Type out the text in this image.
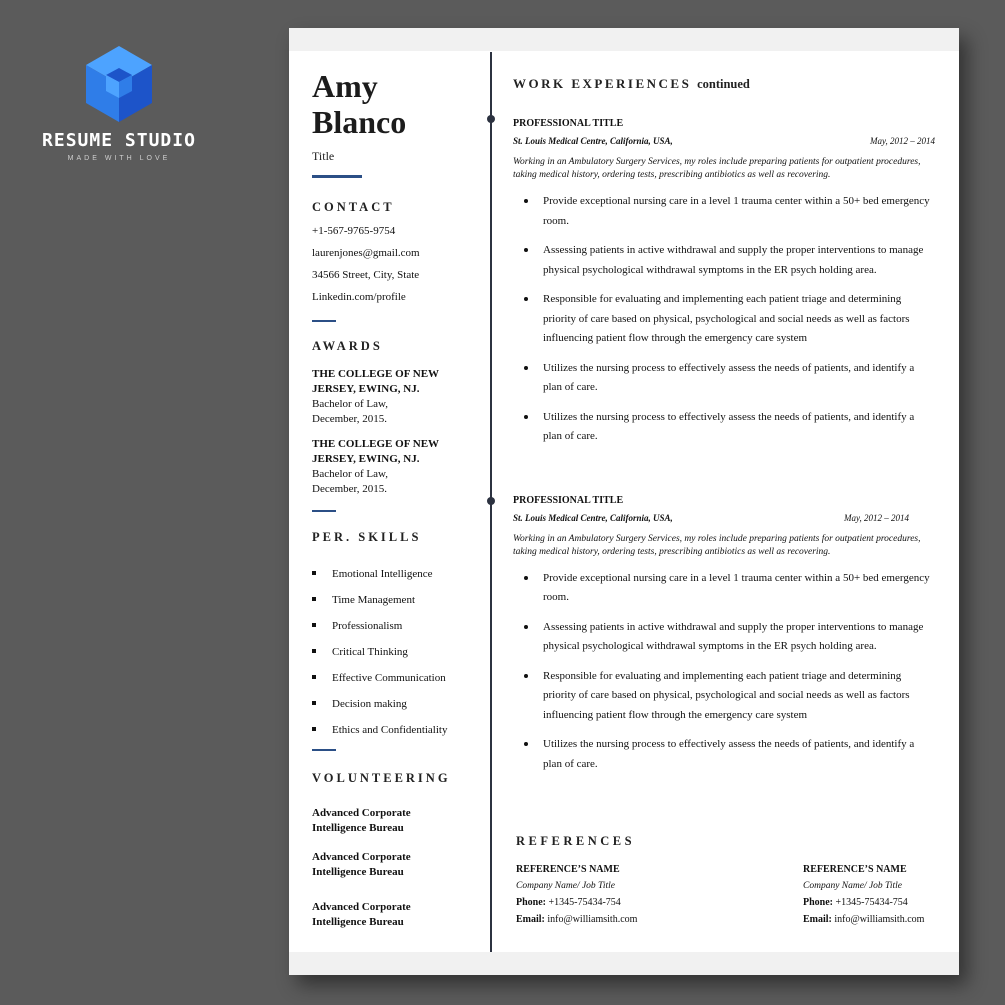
RESUME STUDIO
MADE WITH LOVE
Amy
Blanco
Title
CONTACT
+1-567-9765-9754
laurenjones@gmail.com
34566 Street, City, State
Linkedin.com/profile
AWARDS
THE COLLEGE OF NEW
JERSEY, EWING, NJ.
Bachelor of Law,
December, 2015.
THE COLLEGE OF NEW
JERSEY, EWING, NJ.
Bachelor of Law,
December, 2015.
PER. SKILLS
Emotional Intelligence
Time Management
Professionalism
Critical Thinking
Effective Communication
Decision making
Ethics and Confidentiality
VOLUNTEERING
Advanced Corporate
Intelligence Bureau
Advanced Corporate
Intelligence Bureau
Advanced Corporate
Intelligence Bureau
WORK EXPERIENCES continued
PROFESSIONAL TITLE
St. Louis Medical Centre, California, USA,	May, 2012 – 2014
Working in an Ambulatory Surgery Services, my roles include preparing patients for outpatient procedures, taking medical history, ordering tests, prescribing antibiotics as well as recovering.
Provide exceptional nursing care in a level 1 trauma center within a 50+ bed emergency room.
Assessing patients in active withdrawal and supply the proper interventions to manage physical psychological withdrawal symptoms in the ER psych holding area.
Responsible for evaluating and implementing each patient triage and determining priority of care based on physical, psychological and social needs as well as factors influencing patient flow through the emergency care system
Utilizes the nursing process to effectively assess the needs of patients, and identify a plan of care.
Utilizes the nursing process to effectively assess the needs of patients, and identify a plan of care.
PROFESSIONAL TITLE
St. Louis Medical Centre, California, USA,	May, 2012 – 2014
Working in an Ambulatory Surgery Services, my roles include preparing patients for outpatient procedures, taking medical history, ordering tests, prescribing antibiotics as well as recovering.
Provide exceptional nursing care in a level 1 trauma center within a 50+ bed emergency room.
Assessing patients in active withdrawal and supply the proper interventions to manage physical psychological withdrawal symptoms in the ER psych holding area.
Responsible for evaluating and implementing each patient triage and determining priority of care based on physical, psychological and social needs as well as factors influencing patient flow through the emergency care system
Utilizes the nursing process to effectively assess the needs of patients, and identify a plan of care.
REFERENCES
REFERENCE’S NAME
Company Name/ Job Title
Phone: +1345-75434-754
Email: info@williamsith.com
REFERENCE’S NAME
Company Name/ Job Title
Phone: +1345-75434-754
Email: info@williamsith.com
